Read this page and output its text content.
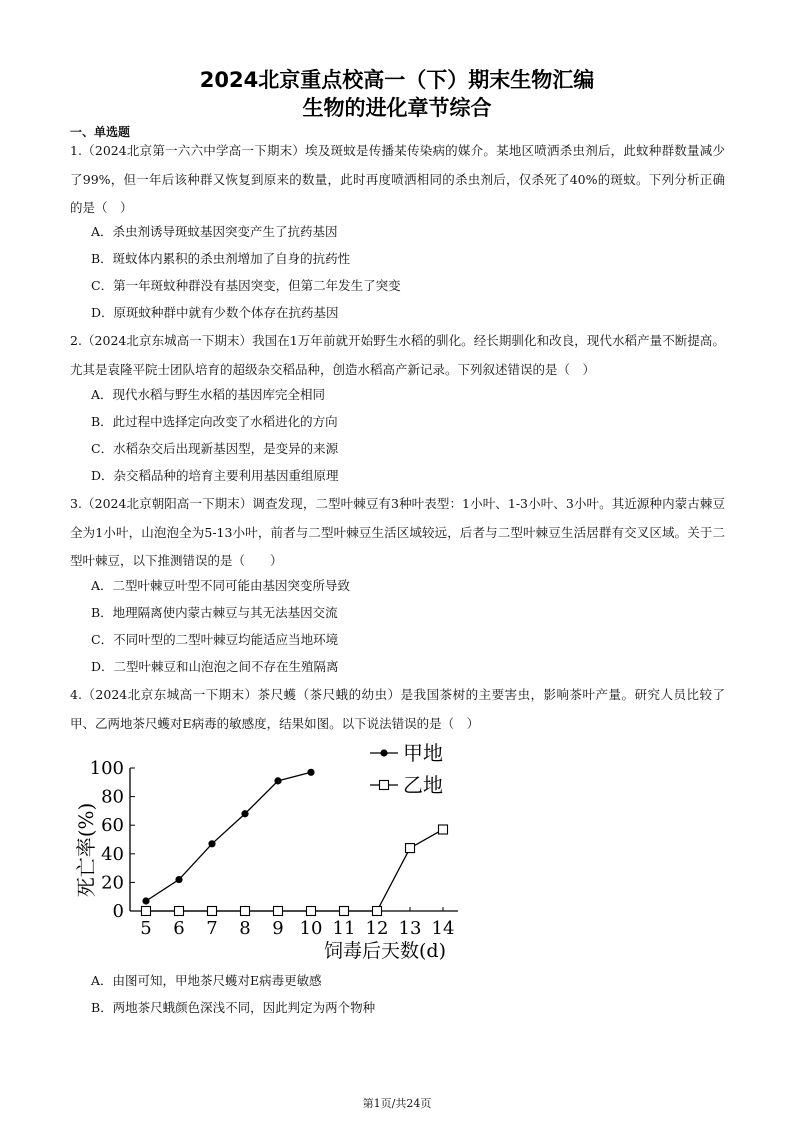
2024北京重点校高一（下）期末生物汇编
生物的进化章节综合
一、单选题
1.（2024北京第一六六中学高一下期末）埃及斑蚊是传播某传染病的媒介。某地区喷洒杀虫剂后，此蚊种群数量减少了99%，但一年后该种群又恢复到原来的数量，此时再度喷洒相同的杀虫剂后，仅杀死了40%的斑蚊。下列分析正确的是（　）
A．杀虫剂诱导斑蚊基因突变产生了抗药基因
B．斑蚊体内累积的杀虫剂增加了自身的抗药性
C．第一年斑蚊种群没有基因突变，但第二年发生了突变
D．原斑蚊种群中就有少数个体存在抗药基因
2.（2024北京东城高一下期末）我国在1万年前就开始野生水稻的驯化。经长期驯化和改良，现代水稻产量不断提高。尤其是袁隆平院士团队培育的超级杂交稻品种，创造水稻高产新记录。下列叙述错误的是（　）
A．现代水稻与野生水稻的基因库完全相同
B．此过程中选择定向改变了水稻进化的方向
C．水稻杂交后出现新基因型，是变异的来源
D．杂交稻品种的培育主要利用基因重组原理
3.（2024北京朝阳高一下期末）调查发现，二型叶棘豆有3种叶表型：1小叶、1-3小叶、3小叶。其近源种内蒙古棘豆全为1小叶，山泡泡全为5-13小叶，前者与二型叶棘豆生活区域较远，后者与二型叶棘豆生活居群有交叉区域。关于二型叶棘豆，以下推测错误的是（　　）
A．二型叶棘豆叶型不同可能由基因突变所导致
B．地理隔离使内蒙古棘豆与其无法基因交流
C．不同叶型的二型叶棘豆均能适应当地环境
D．二型叶棘豆和山泡泡之间不存在生殖隔离
4.（2024北京东城高一下期末）茶尺蠖（茶尺蛾的幼虫）是我国茶树的主要害虫，影响茶叶产量。研究人员比较了甲、乙两地茶尺蠖对E病毒的敏感度，结果如图。以下说法错误的是（　）
0
20
40
60
80
100
5 6 7 8 9 10 11 12 13 14
甲地
乙地
死亡率(%)
饲毒后天数(d)
A．由图可知，甲地茶尺蠖对E病毒更敏感
B．两地茶尺蛾颜色深浅不同，因此判定为两个物种
第1页/共24页
